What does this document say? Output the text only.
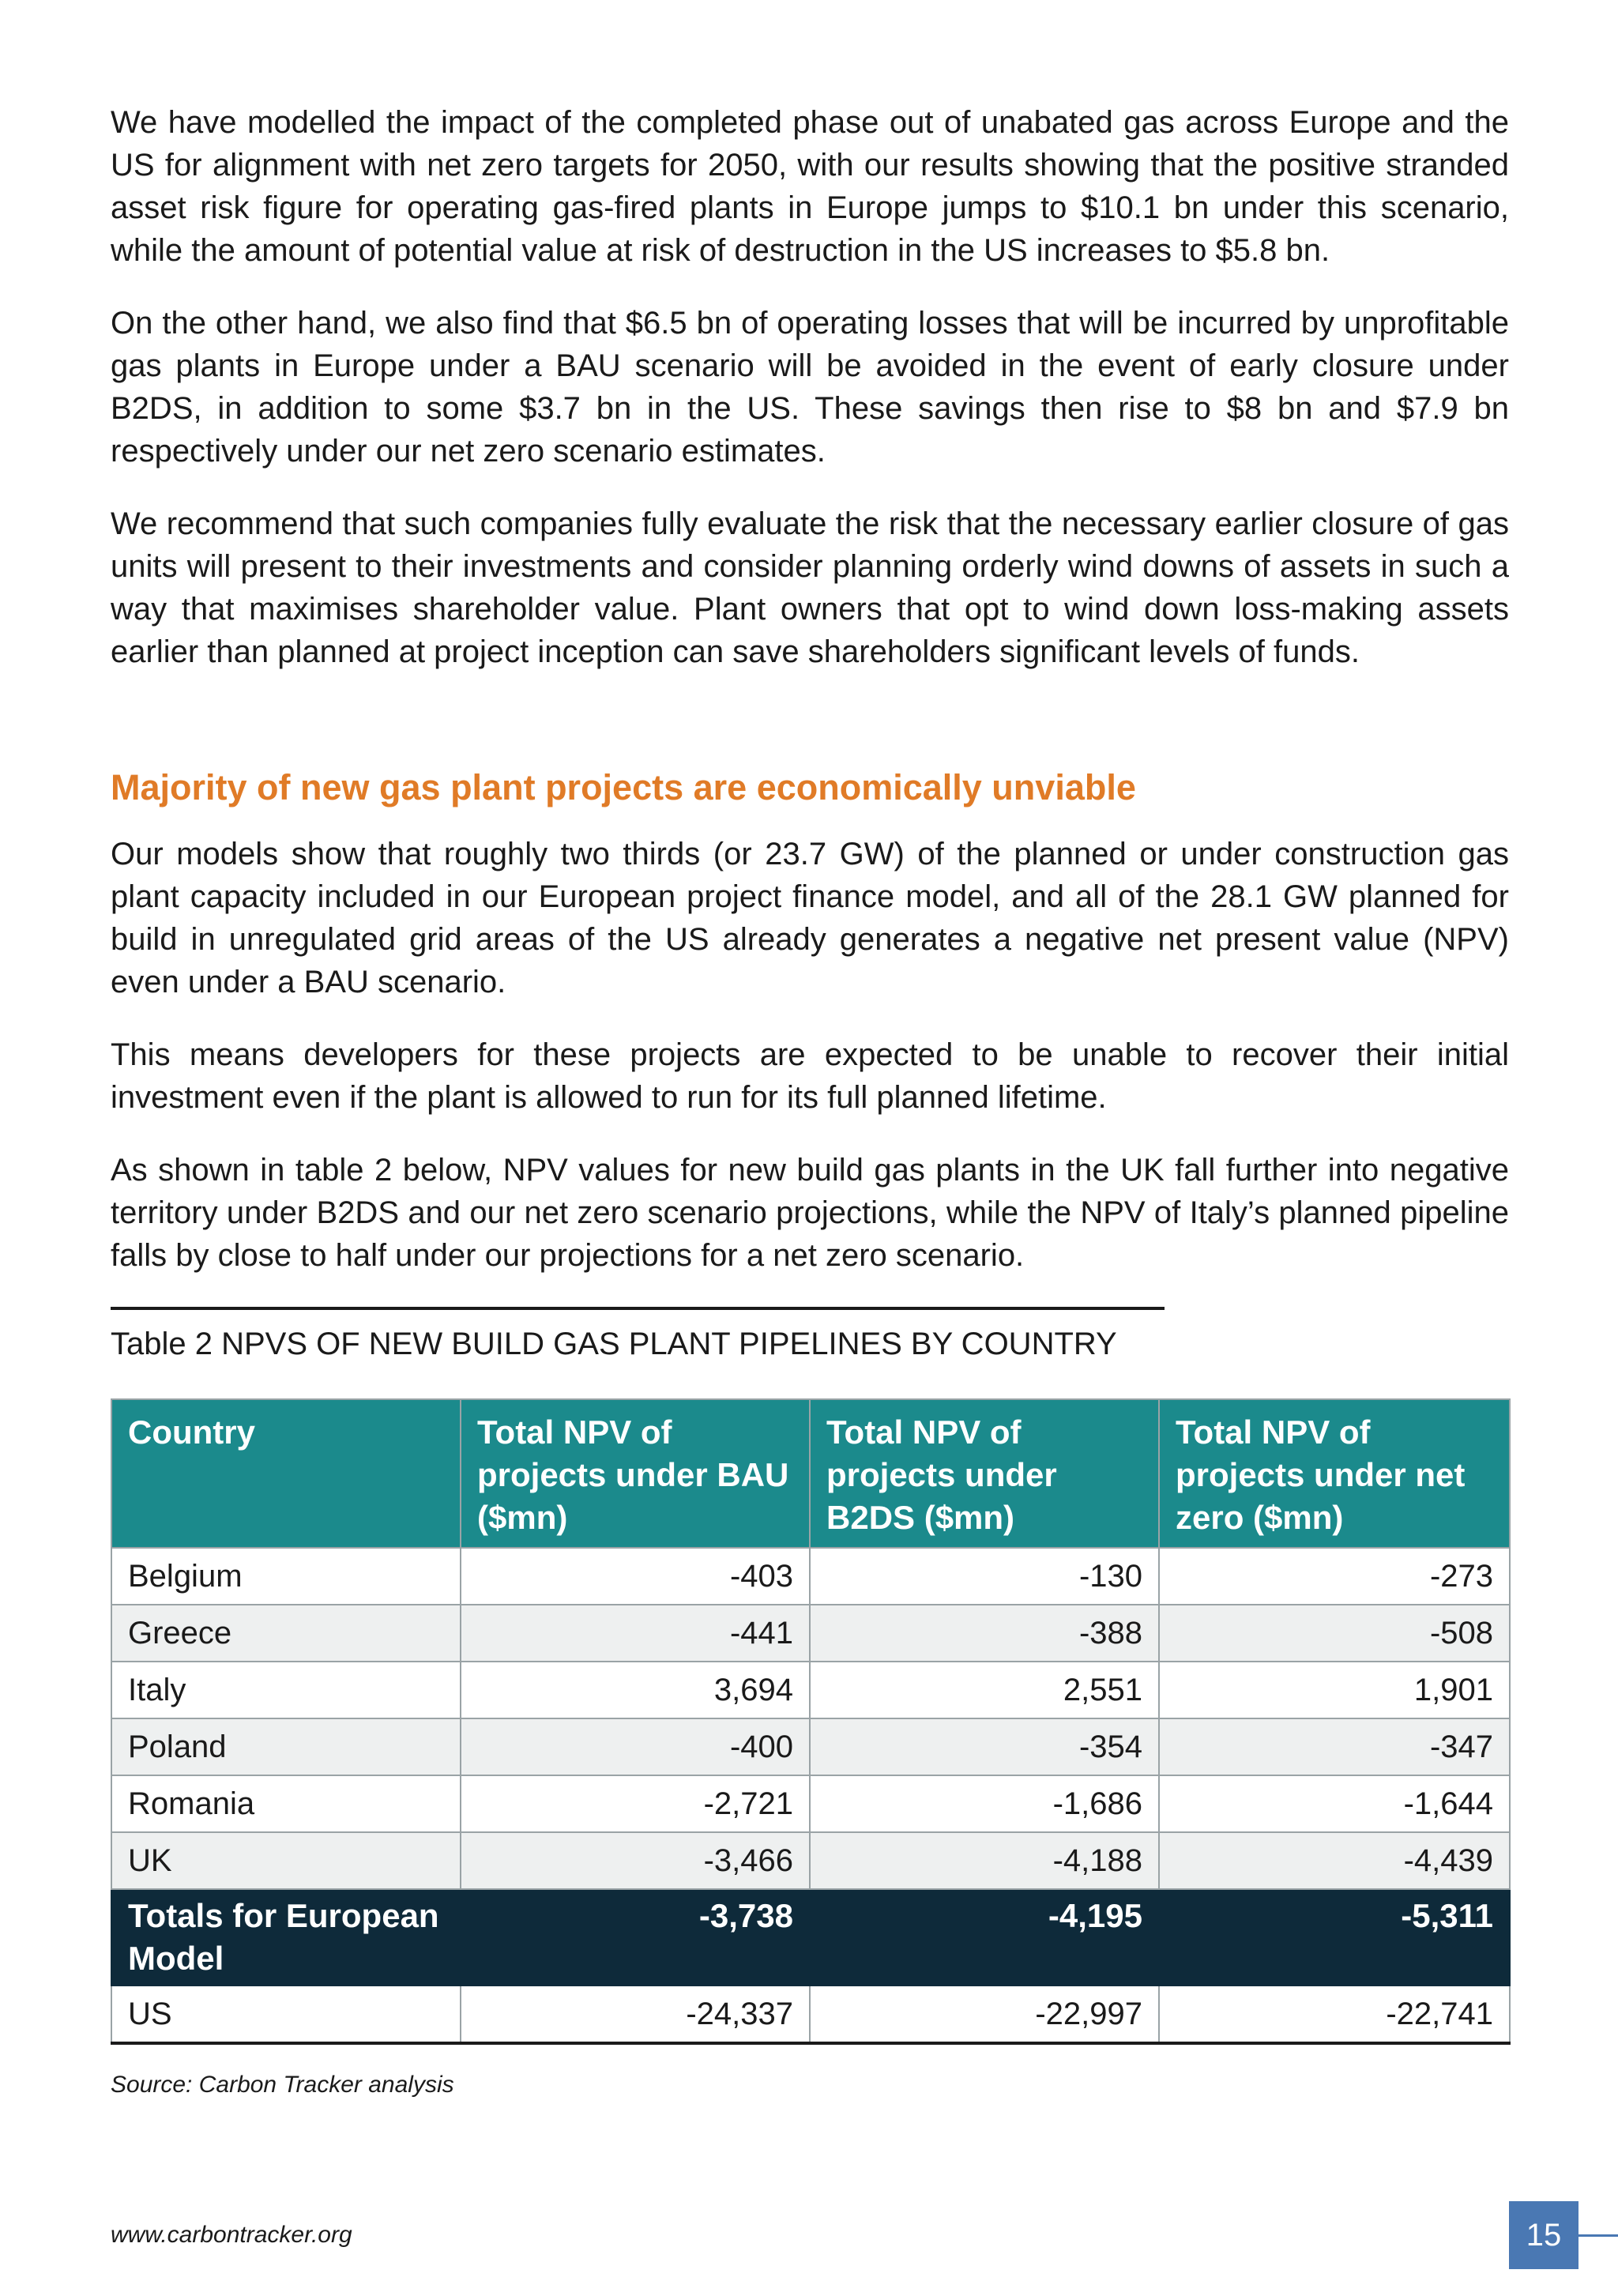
We have modelled the impact of the completed phase out of unabated gas across Europe and the US for alignment with net zero targets for 2050, with our results showing that the positive stranded asset risk figure for operating gas-fired plants in Europe jumps to $10.1 bn under this scenario, while the amount of potential value at risk of destruction in the US increases to $5.8 bn.

On the other hand, we also find that $6.5 bn of operating losses that will be incurred by unprofitable gas plants in Europe under a BAU scenario will be avoided in the event of early closure under B2DS, in addition to some $3.7 bn in the US. These savings then rise to $8 bn and $7.9 bn respectively under our net zero scenario estimates.

We recommend that such companies fully evaluate the risk that the necessary earlier closure of gas units will present to their investments and consider planning orderly wind downs of assets in such a way that maximises shareholder value. Plant owners that opt to wind down loss-making assets earlier than planned at project inception can save shareholders significant levels of funds.

Majority of new gas plant projects are economically unviable

Our models show that roughly two thirds (or 23.7 GW) of the planned or under construction gas plant capacity included in our European project finance model, and all of the 28.1 GW planned for build in unregulated grid areas of the US already generates a negative net present value (NPV) even under a BAU scenario.

This means developers for these projects are expected to be unable to recover their initial investment even if the plant is allowed to run for its full planned lifetime.

As shown in table 2 below, NPV values for new build gas plants in the UK fall further into negative territory under B2DS and our net zero scenario projections, while the NPV of Italy’s planned pipeline falls by close to half under our projections for a net zero scenario.

Table 2 NPVS OF NEW BUILD GAS PLANT PIPELINES BY COUNTRY
Country	Total NPV of projects under BAU ($mn)	Total NPV of projects under B2DS ($mn)	Total NPV of projects under net zero ($mn)
Belgium	-403	-130	-273
Greece	-441	-388	-508
Italy	3,694	2,551	1,901
Poland	-400	-354	-347
Romania	-2,721	-1,686	-1,644
UK	-3,466	-4,188	-4,439
Totals for European Model	-3,738	-4,195	-5,311
US	-24,337	-22,997	-22,741
Source: Carbon Tracker analysis
www.carbontracker.org	15
